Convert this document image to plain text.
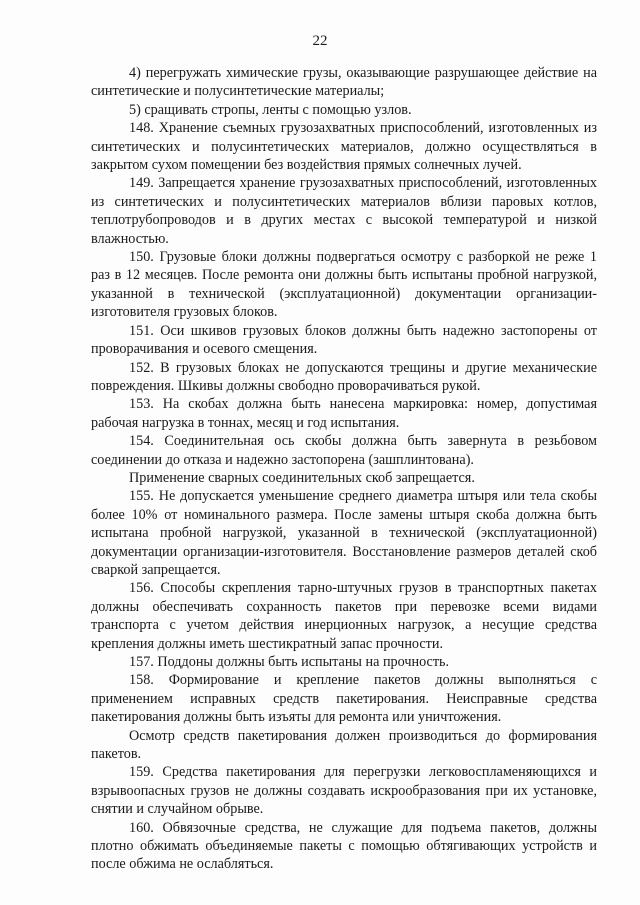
22

4) перегружать химические грузы, оказывающие разрушающее действие на синтетические и полусинтетические материалы;

5) сращивать стропы, ленты с помощью узлов.

148. Хранение съемных грузозахватных приспособлений, изготовленных из синтетических и полусинтетических материалов, должно осуществляться в закрытом сухом помещении без воздействия прямых солнечных лучей.

149. Запрещается хранение грузозахватных приспособлений, изготовленных из синтетических и полусинтетических материалов вблизи паровых котлов, теплотрубопроводов и в других местах с высокой температурой и низкой влажностью.

150. Грузовые блоки должны подвергаться осмотру с разборкой не реже 1 раз в 12 месяцев. После ремонта они должны быть испытаны пробной нагрузкой, указанной в технической (эксплуатационной) документации организации-изготовителя грузовых блоков.

151. Оси шкивов грузовых блоков должны быть надежно застопорены от проворачивания и осевого смещения.

152. В грузовых блоках не допускаются трещины и другие механические повреждения. Шкивы должны свободно проворачиваться рукой.

153. На скобах должна быть нанесена маркировка: номер, допустимая рабочая нагрузка в тоннах, месяц и год испытания.

154. Соединительная ось скобы должна быть завернута в резьбовом соединении до отказа и надежно застопорена (зашплинтована).

Применение сварных соединительных скоб запрещается.

155. Не допускается уменьшение среднего диаметра штыря или тела скобы более 10% от номинального размера. После замены штыря скоба должна быть испытана пробной нагрузкой, указанной в технической (эксплуатационной) документации организации-изготовителя. Восстановление размеров деталей скоб сваркой запрещается.

156. Способы скрепления тарно-штучных грузов в транспортных пакетах должны обеспечивать сохранность пакетов при перевозке всеми видами транспорта с учетом действия инерционных нагрузок, а несущие средства крепления должны иметь шестикратный запас прочности.

157. Поддоны должны быть испытаны на прочность.

158. Формирование и крепление пакетов должны выполняться с применением исправных средств пакетирования. Неисправные средства пакетирования должны быть изъяты для ремонта или уничтожения.

Осмотр средств пакетирования должен производиться до формирования пакетов.

159. Средства пакетирования для перегрузки легковоспламеняющихся и взрывоопасных грузов не должны создавать искрообразования при их установке, снятии и случайном обрыве.

160. Обвязочные средства, не служащие для подъема пакетов, должны плотно обжимать объединяемые пакеты с помощью обтягивающих устройств и после обжима не ослабляться.
